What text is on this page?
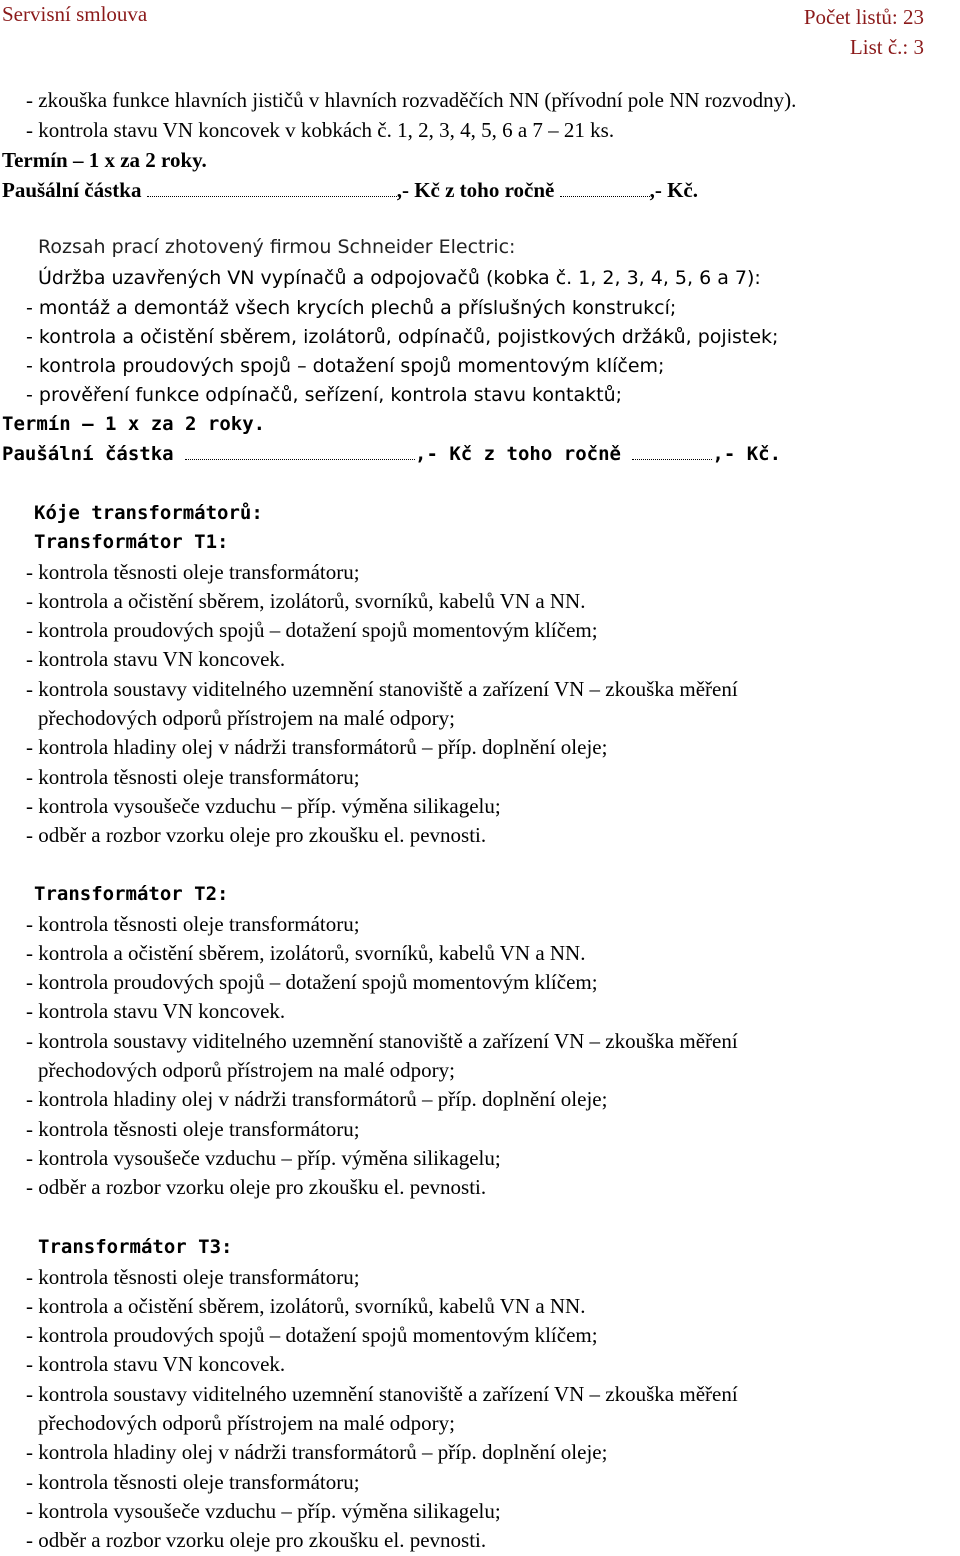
Servisní smlouva	Počet listů: 23
List č.: 3
- zkouška funkce hlavních jističů v hlavních rozvaděčích NN (přívodní pole NN rozvodny).
- kontrola stavu VN koncovek v kobkách č. 1, 2, 3, 4, 5, 6 a 7 – 21 ks.
Termín – 1 x za 2 roky.
Paušální částka	,- Kč z toho ročně	,- Kč.
Rozsah prací zhotovený firmou Schneider Electric:
Údržba uzavřených VN vypínačů a odpojovačů (kobka č. 1, 2, 3, 4, 5, 6 a 7):
- montáž a demontáž všech krycích plechů a příslušných konstrukcí;
- kontrola a očistění sběrem, izolátorů, odpínačů, pojistkových držáků, pojistek;
- kontrola proudových spojů – dotažení spojů momentovým klíčem;
- prověření funkce odpínačů, seřízení, kontrola stavu kontaktů;
Termín – 1 x za 2 roky.
Paušální částka	,- Kč z toho ročně	,- Kč.
Kóje transformátorů:
Transformátor T1:
- kontrola těsnosti oleje transformátoru;
- kontrola a očistění sběrem, izolátorů, svorníků, kabelů VN a NN.
- kontrola proudových spojů – dotažení spojů momentovým klíčem;
- kontrola stavu VN koncovek.
- kontrola soustavy viditelného uzemnění stanoviště a zařízení VN – zkouška měření
přechodových odporů přístrojem na malé odpory;
- kontrola hladiny olej v nádrži transformátorů – příp. doplnění oleje;
- kontrola těsnosti oleje transformátoru;
- kontrola vysoušeče vzduchu – příp. výměna silikagelu;
- odběr a rozbor vzorku oleje pro zkoušku el. pevnosti.
Transformátor T2:
- kontrola těsnosti oleje transformátoru;
- kontrola a očistění sběrem, izolátorů, svorníků, kabelů VN a NN.
- kontrola proudových spojů – dotažení spojů momentovým klíčem;
- kontrola stavu VN koncovek.
- kontrola soustavy viditelného uzemnění stanoviště a zařízení VN – zkouška měření
přechodových odporů přístrojem na malé odpory;
- kontrola hladiny olej v nádrži transformátorů – příp. doplnění oleje;
- kontrola těsnosti oleje transformátoru;
- kontrola vysoušeče vzduchu – příp. výměna silikagelu;
- odběr a rozbor vzorku oleje pro zkoušku el. pevnosti.
Transformátor T3:
- kontrola těsnosti oleje transformátoru;
- kontrola a očistění sběrem, izolátorů, svorníků, kabelů VN a NN.
- kontrola proudových spojů – dotažení spojů momentovým klíčem;
- kontrola stavu VN koncovek.
- kontrola soustavy viditelného uzemnění stanoviště a zařízení VN – zkouška měření
přechodových odporů přístrojem na malé odpory;
- kontrola hladiny olej v nádrži transformátorů – příp. doplnění oleje;
- kontrola těsnosti oleje transformátoru;
- kontrola vysoušeče vzduchu – příp. výměna silikagelu;
- odběr a rozbor vzorku oleje pro zkoušku el. pevnosti.
